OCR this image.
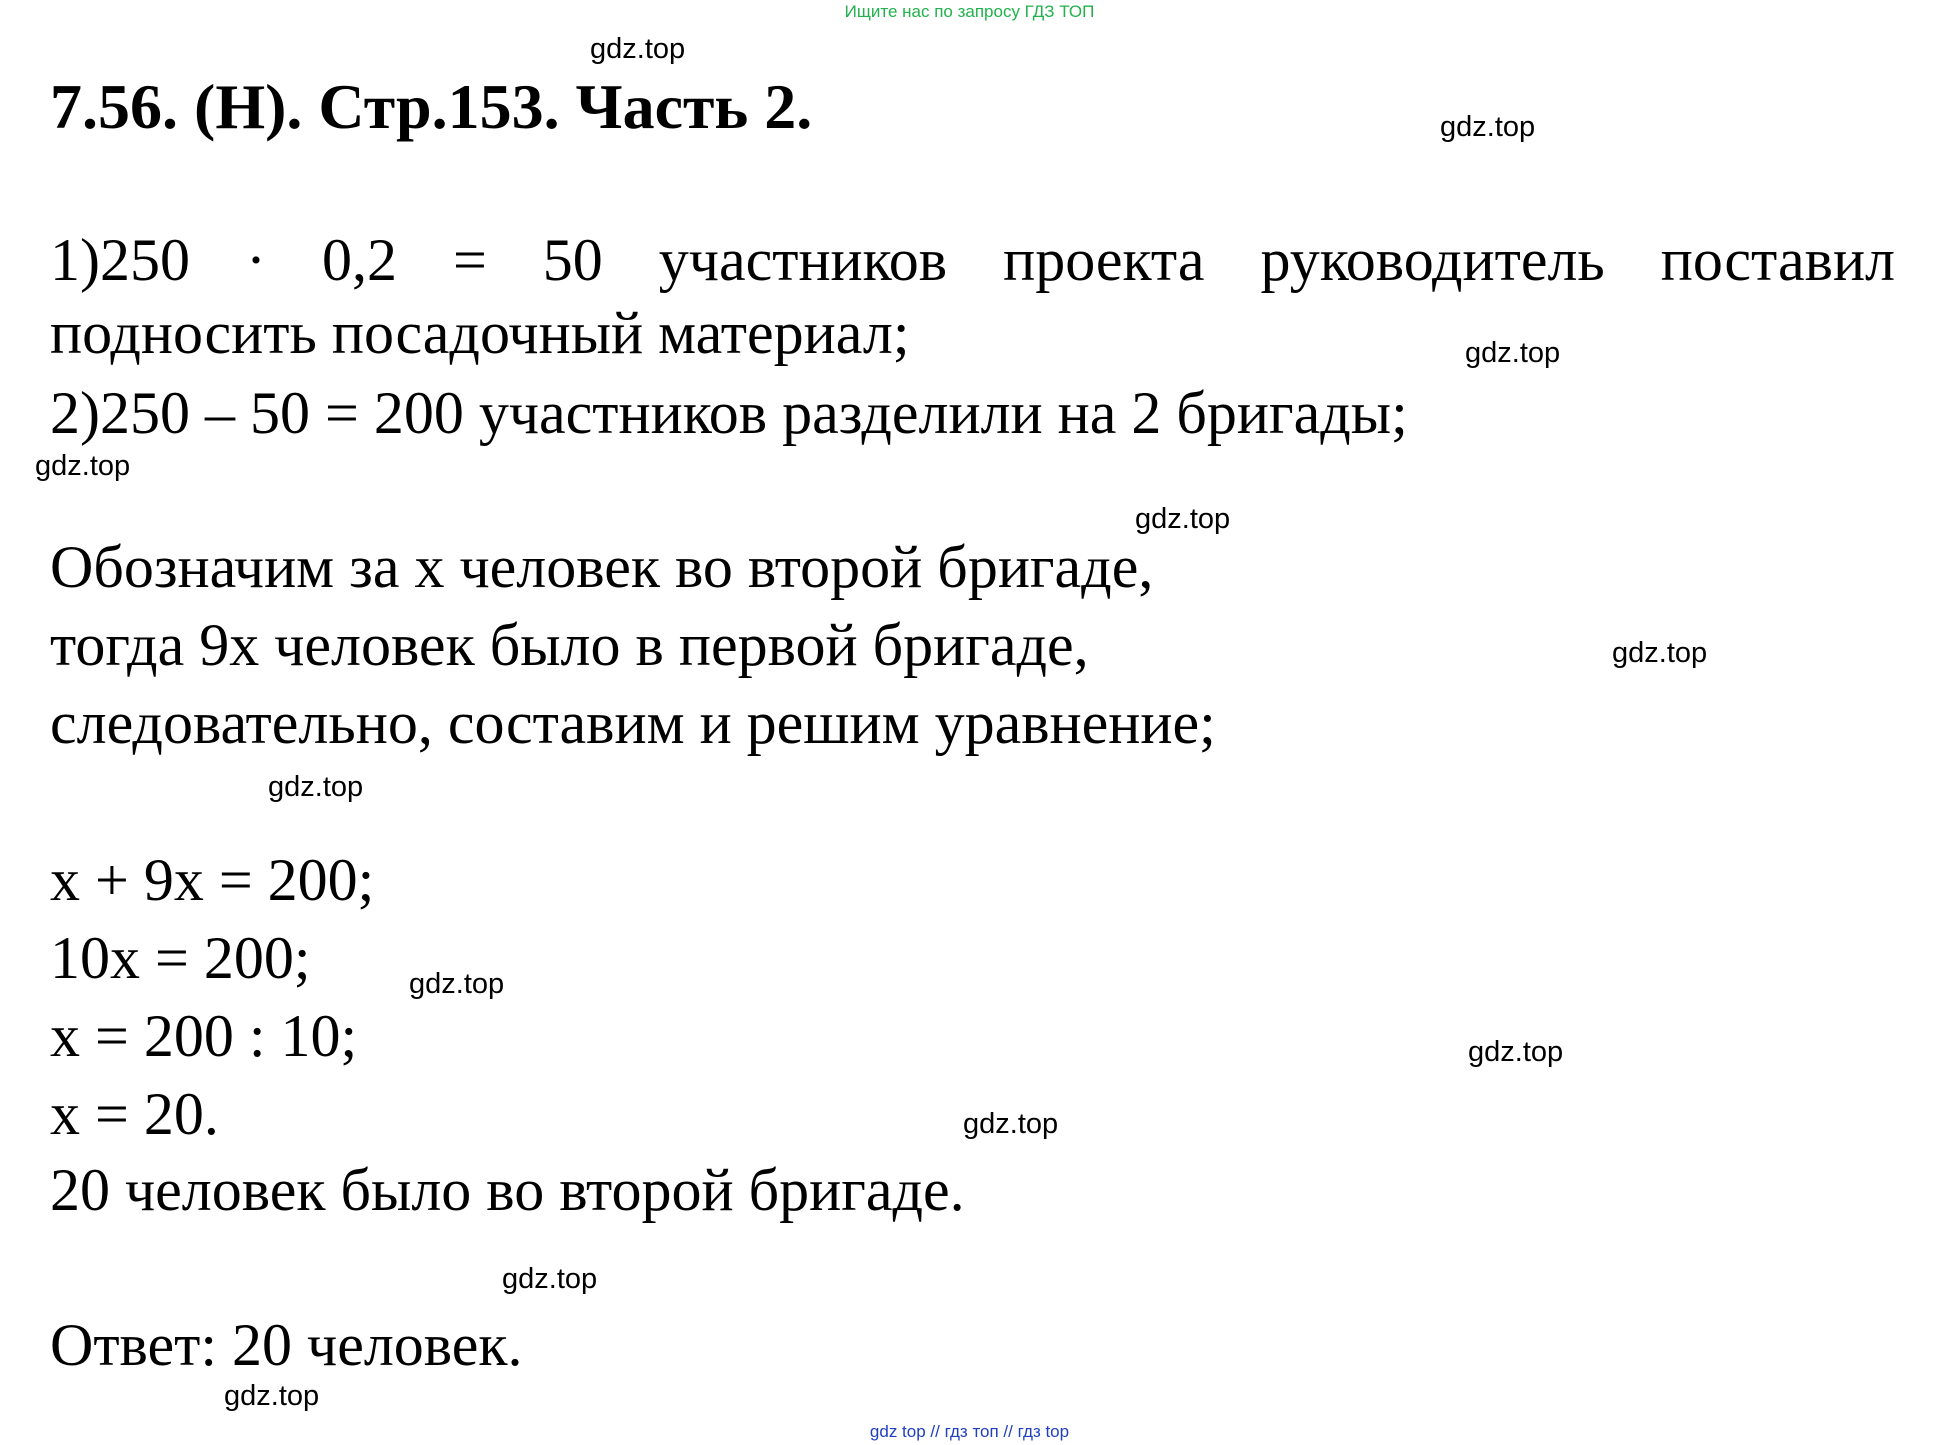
Ищите нас по запросу ГДЗ ТОП
7.56. (Н). Стр.153. Часть 2.
1)250 · 0,2 = 50 участников проекта руководитель поставил
подносить посадочный материал;
2)250 – 50 = 200 участников разделили на 2 бригады;
Обозначим за х человек во второй бригаде,
тогда 9х человек было в первой бригаде,
следовательно, составим и решим уравнение;
х + 9х = 200;
10х = 200;
х = 200 : 10;
х = 20.
20 человек было во второй бригаде.
Ответ: 20 человек.
gdz.top
gdz.top
gdz.top
gdz.top
gdz.top
gdz.top
gdz.top
gdz.top
gdz.top
gdz.top
gdz.top
gdz.top
gdz top // гдз топ // гдз top
